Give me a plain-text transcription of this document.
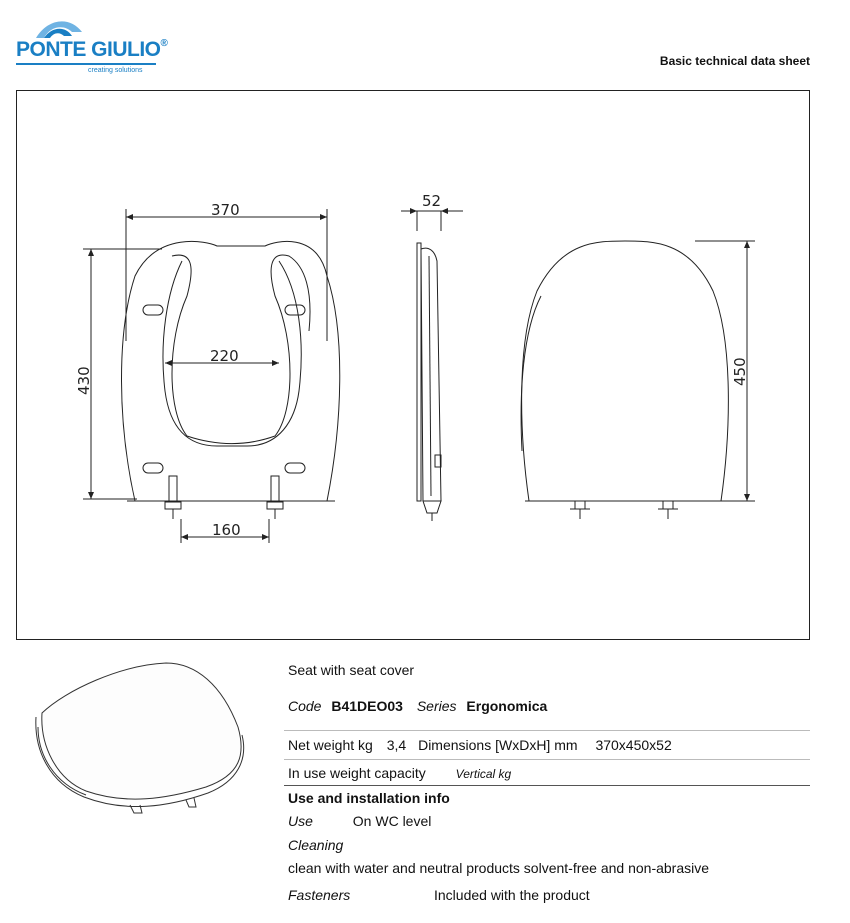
PONTE GIULIO®
creating solutions
Basic technical data sheet
370
220
430
160
52
450
Seat with seat cover
Code B41DEO03 Series Ergonomica
Net weight kg 3,4 Dimensions [WxDxH] mm 370x450x52
In use weight capacity Vertical kg
Use and installation info
Use	On WC level
Cleaning
clean with water and neutral products solvent-free and non-abrasive
Fasteners	Included with the product
